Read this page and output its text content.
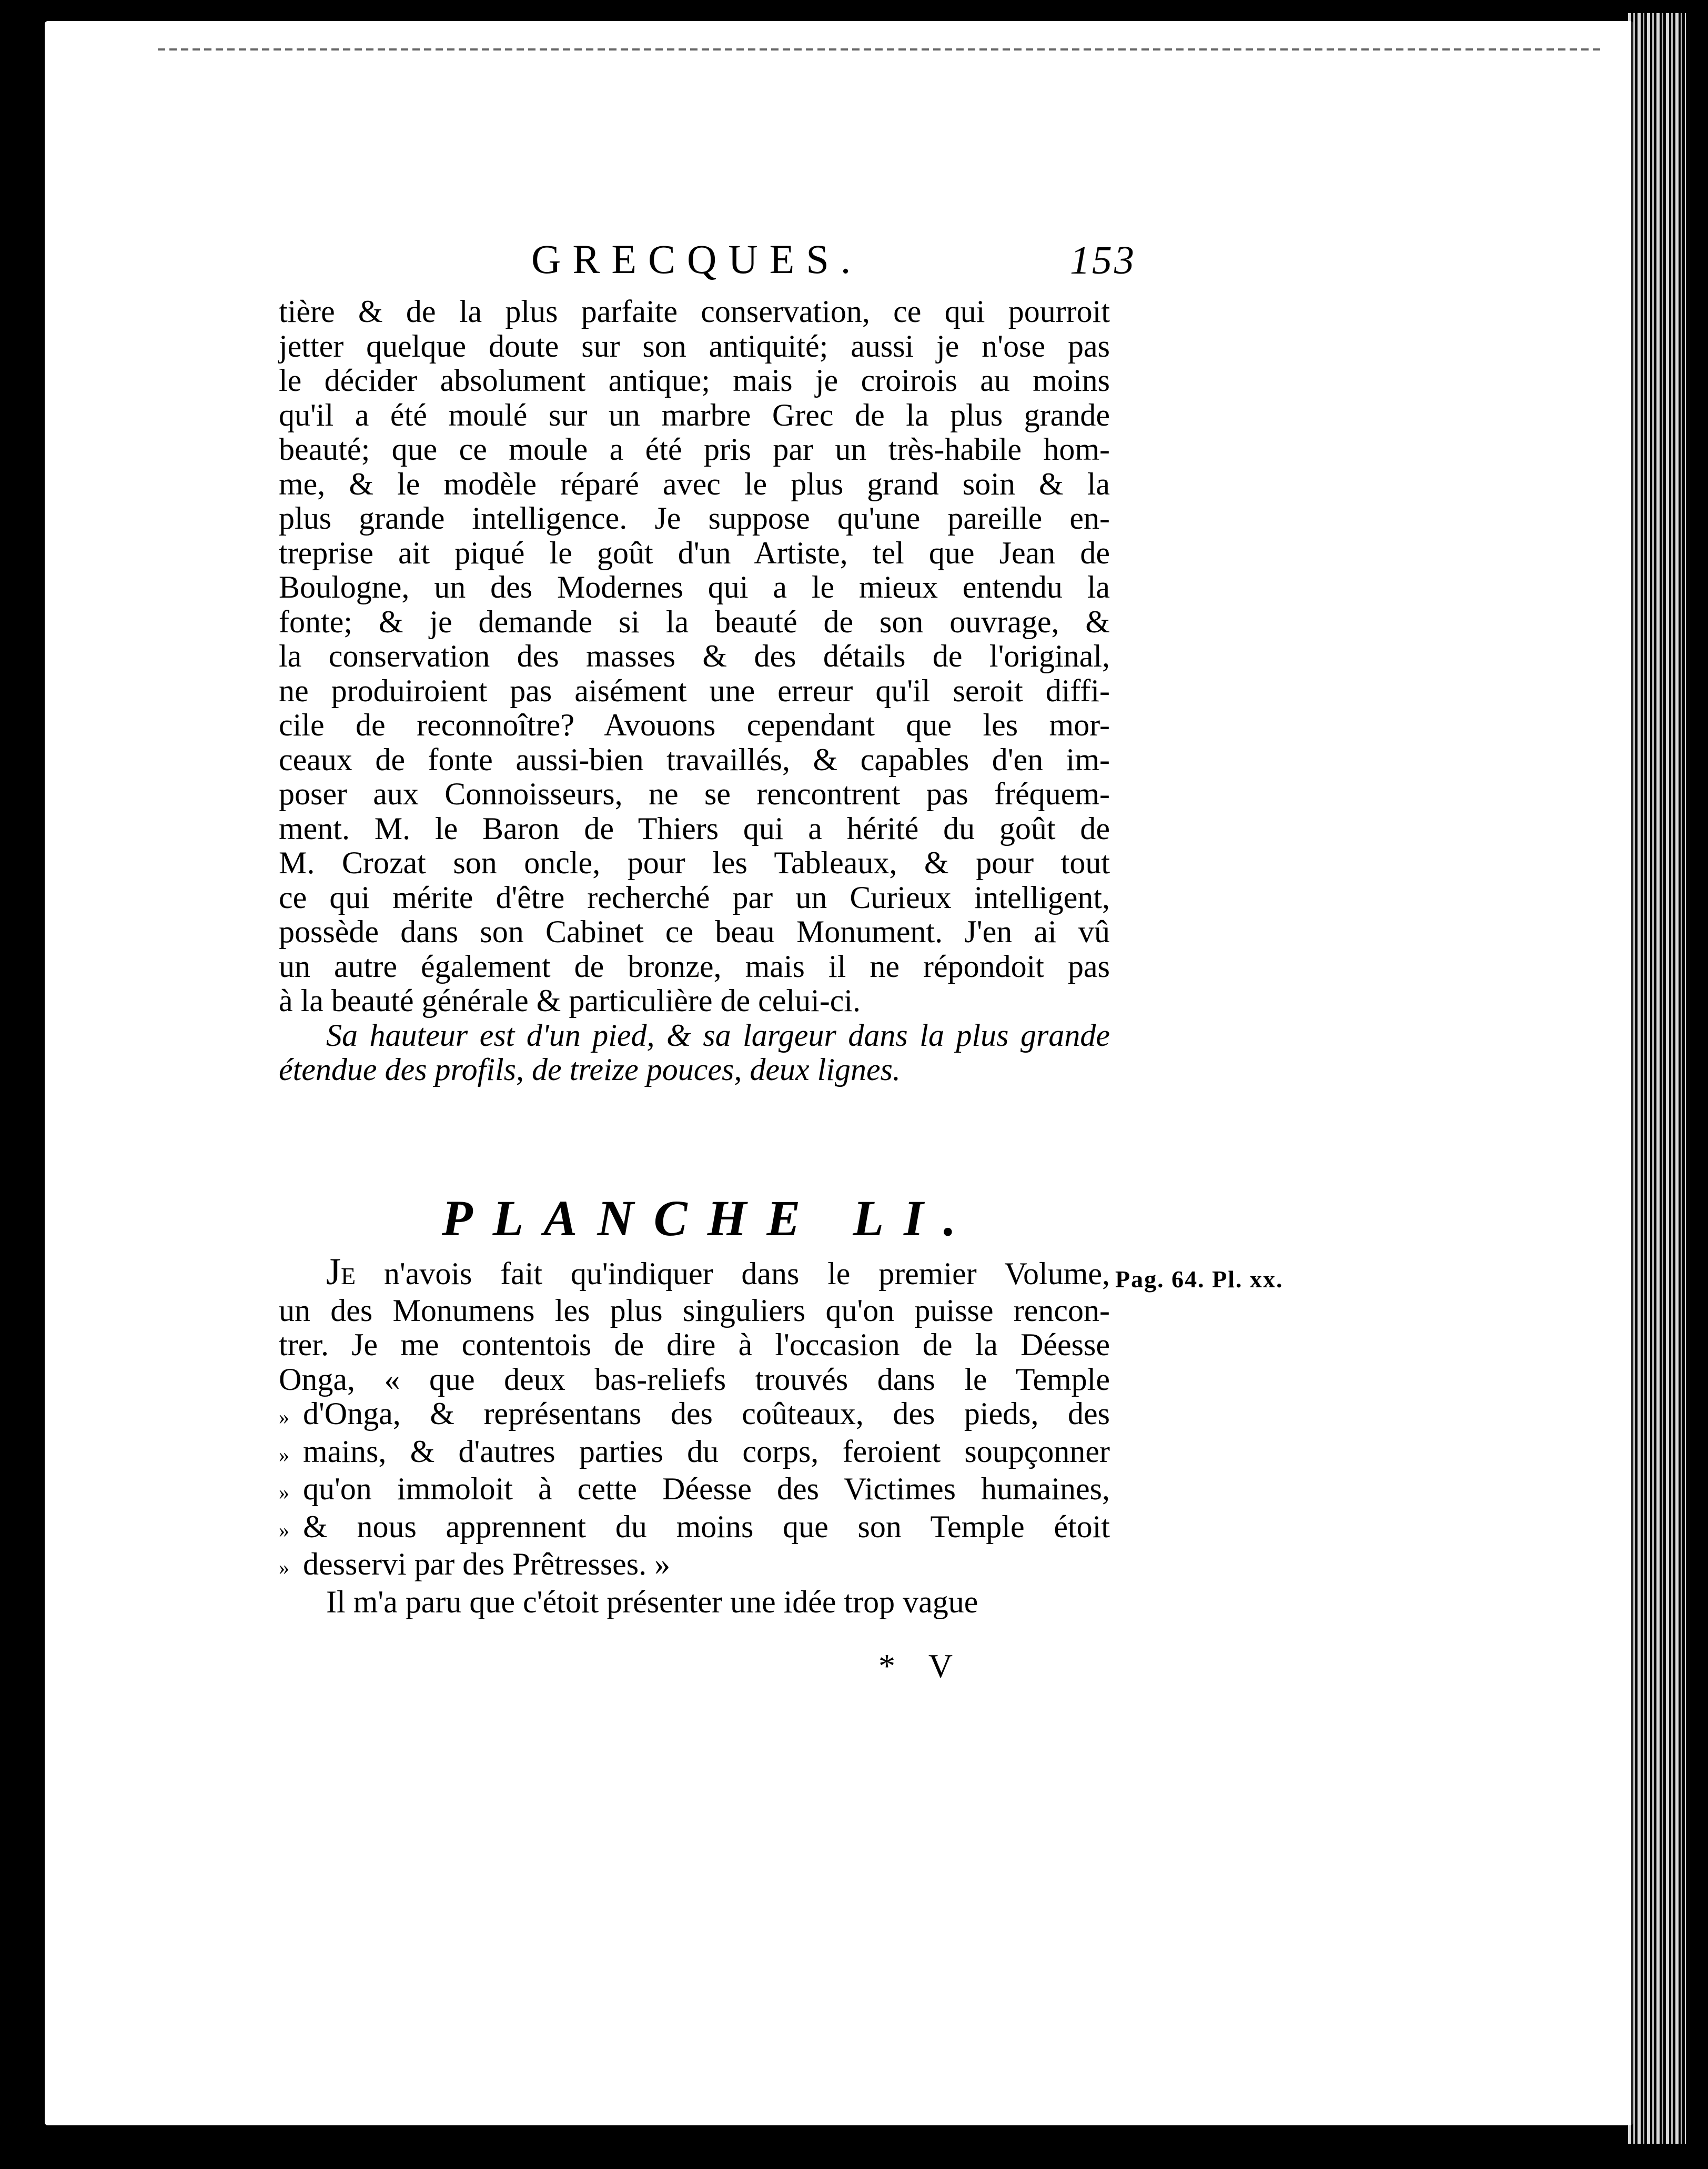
GRECQUES.	153
tière & de la plus parfaite conservation, ce qui pourroit
jetter quelque doute sur son antiquité; aussi je n'ose pas
le décider absolument antique; mais je croirois au moins
qu'il a été moulé sur un marbre Grec de la plus grande
beauté; que ce moule a été pris par un très-habile hom-
me, & le modèle réparé avec le plus grand soin & la
plus grande intelligence. Je suppose qu'une pareille en-
treprise ait piqué le goût d'un Artiste, tel que Jean de
Boulogne, un des Modernes qui a le mieux entendu la
fonte; & je demande si la beauté de son ouvrage, &
la conservation des masses & des détails de l'original,
ne produiroient pas aisément une erreur qu'il seroit diffi-
cile de reconnoître? Avouons cependant que les mor-
ceaux de fonte aussi-bien travaillés, & capables d'en im-
poser aux Connoisseurs, ne se rencontrent pas fréquem-
ment. M. le Baron de Thiers qui a hérité du goût de
M. Crozat son oncle, pour les Tableaux, & pour tout
ce qui mérite d'être recherché par un Curieux intelligent,
possède dans son Cabinet ce beau Monument. J'en ai vû
un autre également de bronze, mais il ne répondoit pas
à la beauté générale & particulière de celui-ci.
Sa hauteur est d'un pied, & sa largeur dans la plus grande
étendue des profils, de treize pouces, deux lignes.
PLANCHE LI.
JE n'avois fait qu'indiquer dans le premier Volume,
un des Monumens les plus singuliers qu'on puisse rencon-
trer. Je me contentois de dire à l'occasion de la Déesse
Onga, « que deux bas-reliefs trouvés dans le Temple
» d'Onga, & représentans des coûteaux, des pieds, des
» mains, & d'autres parties du corps, feroient soupçonner
» qu'on immoloit à cette Déesse des Victimes humaines,
» & nous apprennent du moins que son Temple étoit
» desservi par des Prêtresses. »
Il m'a paru que c'étoit présenter une idée trop vague
Pag. 64. Pl. xx.
* V
